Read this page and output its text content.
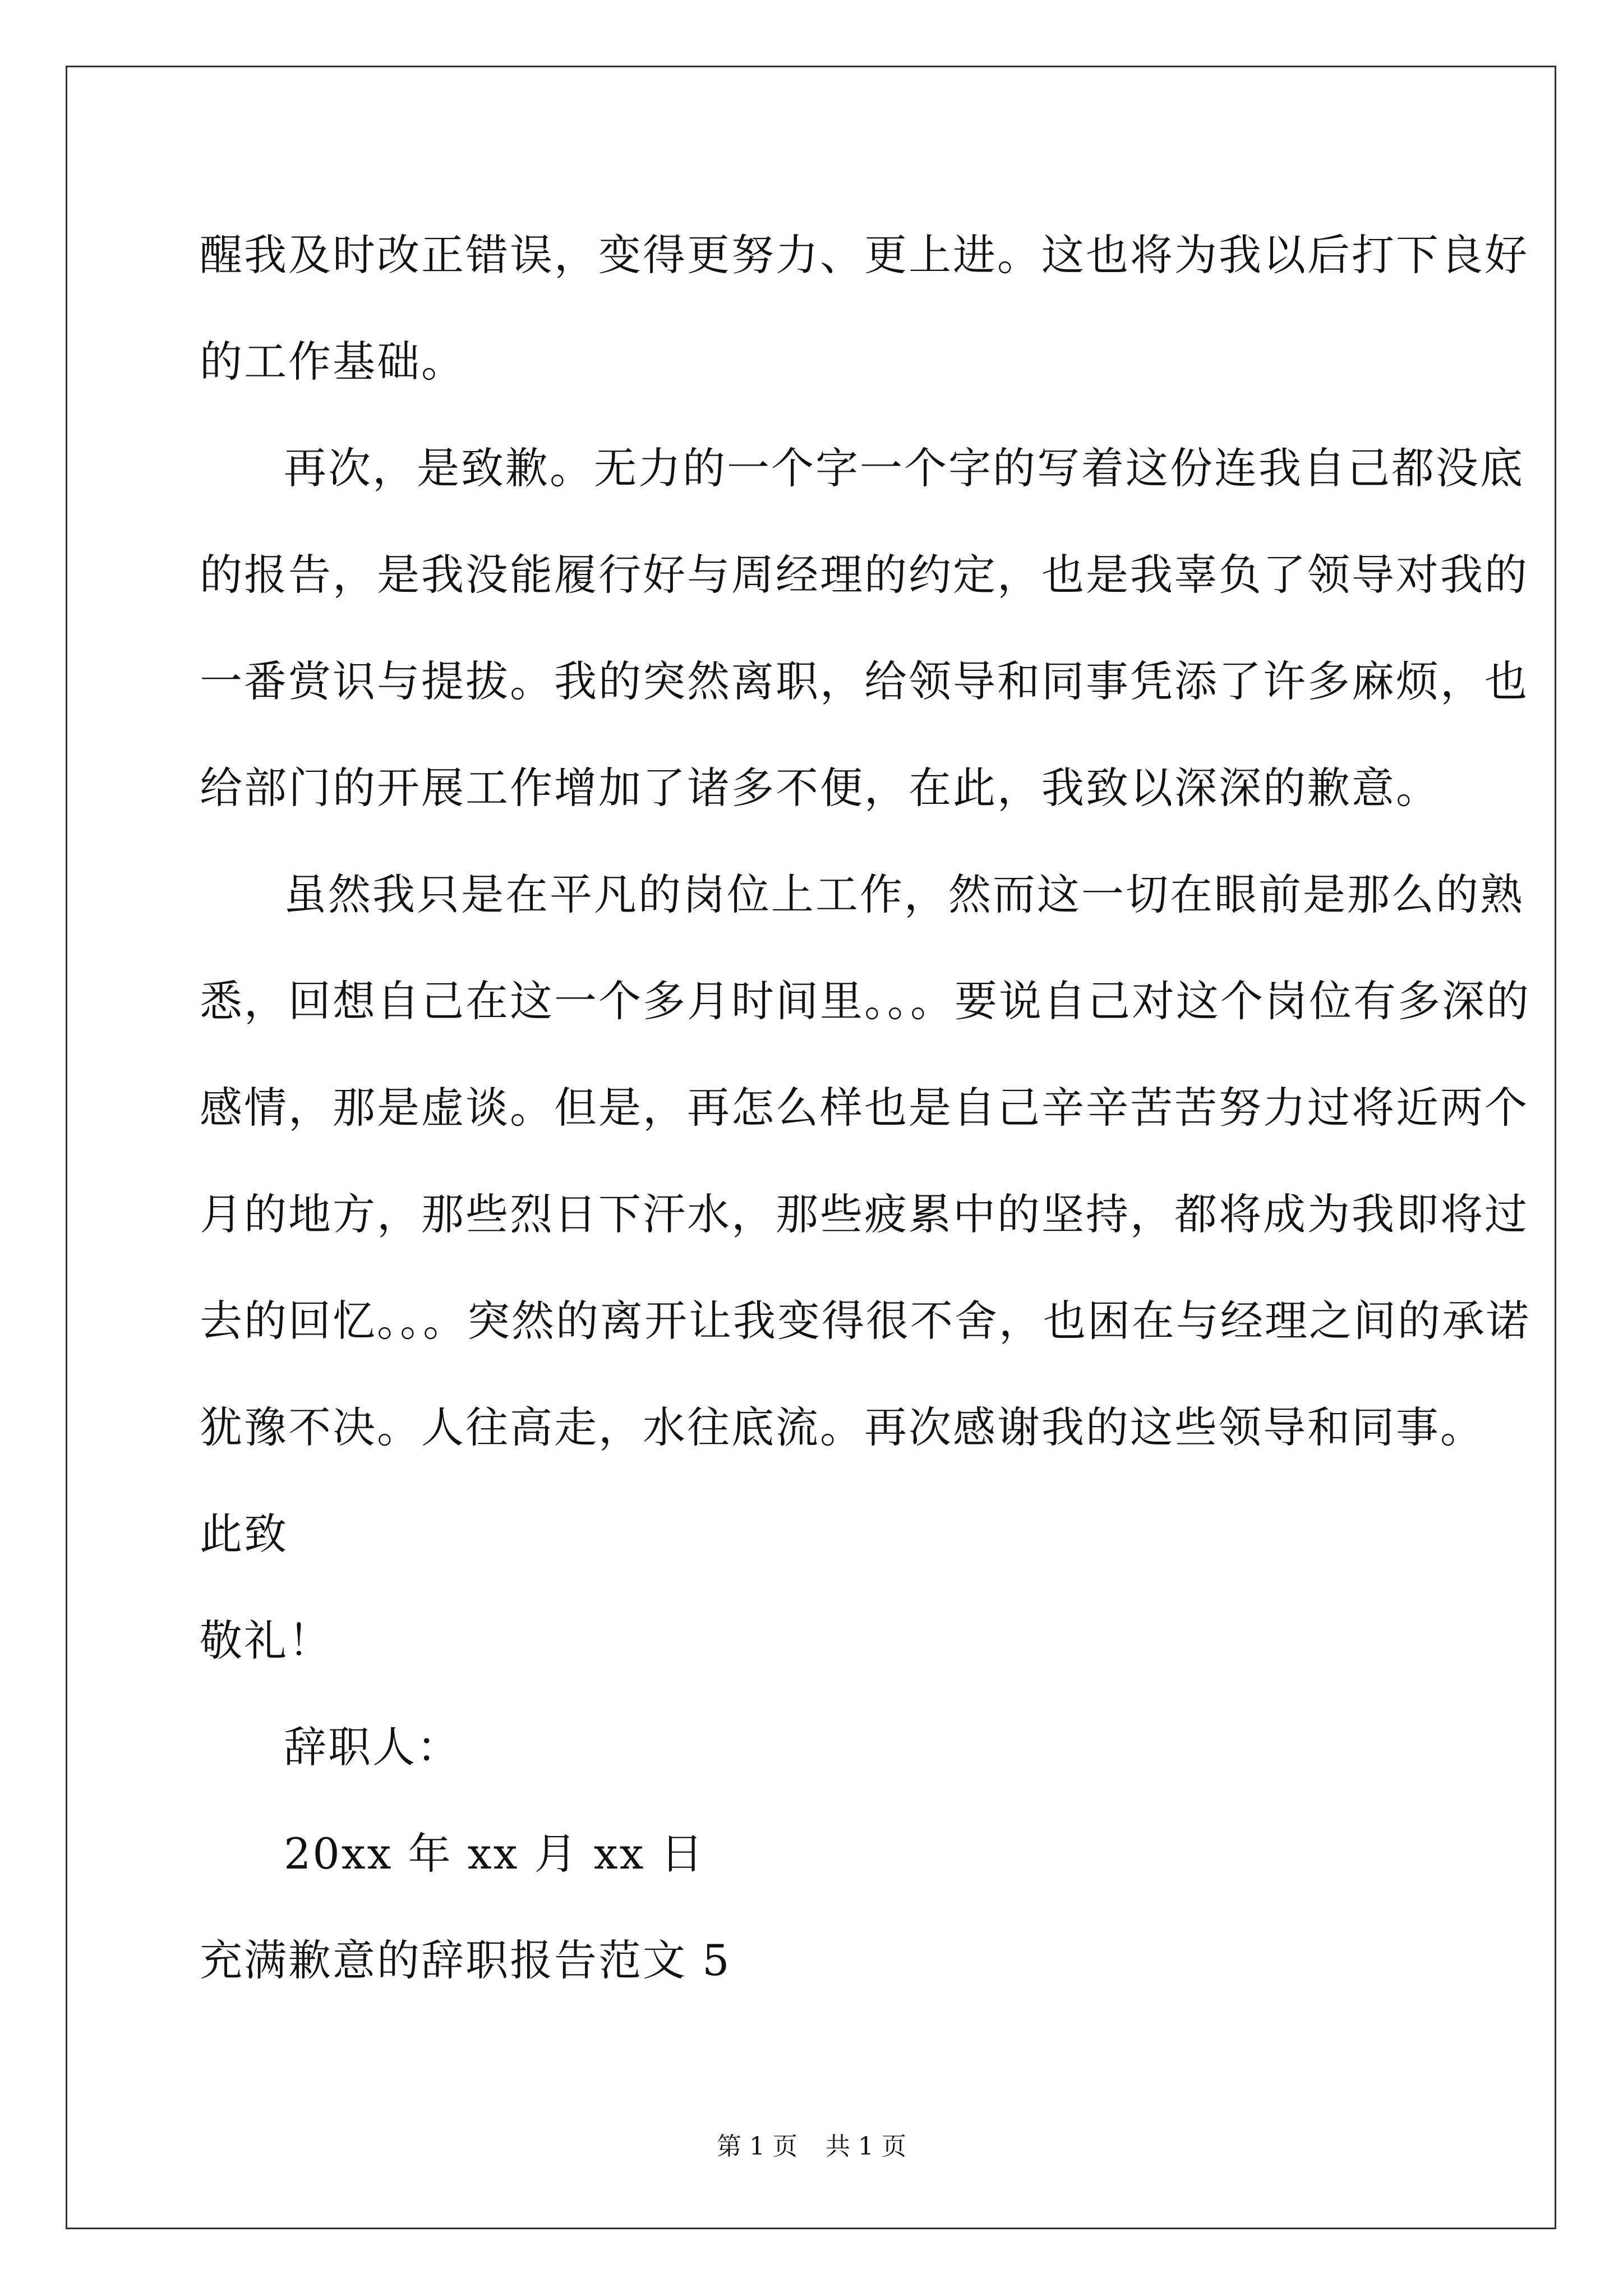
醒我及时改正错误，变得更努力、更上进。这也将为我以后打下良好
的工作基础。
再次，是致歉。无力的一个字一个字的写着这份连我自己都没底
的报告，是我没能履行好与周经理的约定，也是我辜负了领导对我的
一番赏识与提拔。我的突然离职，给领导和同事凭添了许多麻烦，也
给部门的开展工作增加了诸多不便，在此，我致以深深的歉意。
虽然我只是在平凡的岗位上工作，然而这一切在眼前是那么的熟
悉，回想自己在这一个多月时间里。。。要说自己对这个岗位有多深的
感情，那是虚谈。但是，再怎么样也是自己辛辛苦苦努力过将近两个
月的地方，那些烈日下汗水，那些疲累中的坚持，都将成为我即将过
去的回忆。。。突然的离开让我变得很不舍，也困在与经理之间的承诺
犹豫不决。人往高走，水往底流。再次感谢我的这些领导和同事。
此致
敬礼！
辞职人：
20xx 年 xx 月 xx 日
充满歉意的辞职报告范文 5
第 1 页 共 1 页
